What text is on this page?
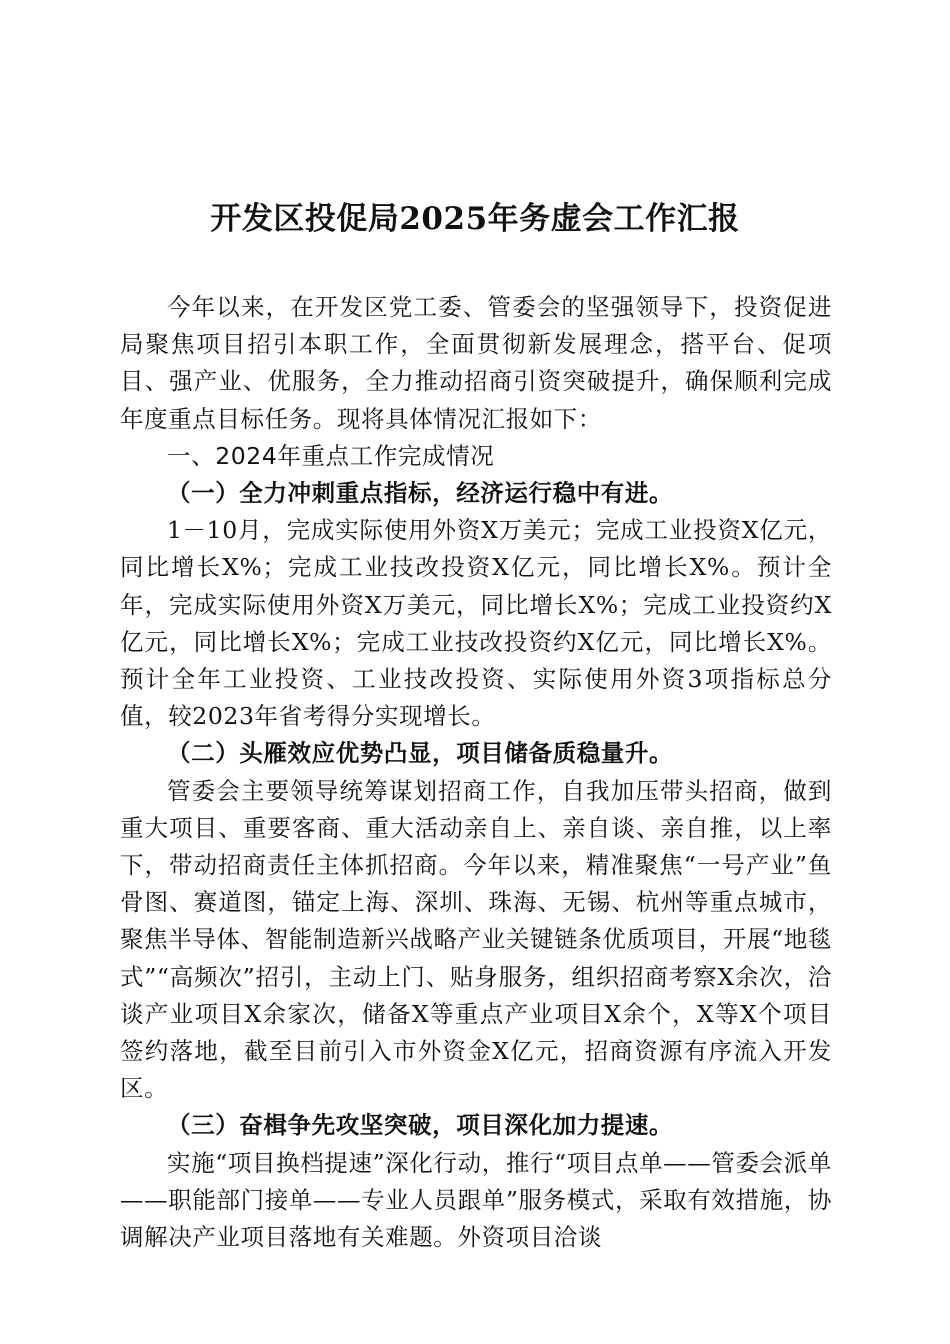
开发区投促局2025年务虚会工作汇报

今年以来，在开发区党工委、管委会的坚强领导下，投资促进局聚焦项目招引本职工作，全面贯彻新发展理念，搭平台、促项目、强产业、优服务，全力推动招商引资突破提升，确保顺利完成年度重点目标任务。现将具体情况汇报如下：

一、2024年重点工作完成情况

（一）全力冲刺重点指标，经济运行稳中有进。

1－10月，完成实际使用外资X万美元；完成工业投资X亿元，同比增长X%；完成工业技改投资X亿元，同比增长X%。预计全年，完成实际使用外资X万美元，同比增长X%；完成工业投资约X亿元，同比增长X%；完成工业技改投资约X亿元，同比增长X%。预计全年工业投资、工业技改投资、实际使用外资3项指标总分值，较2023年省考得分实现增长。

（二）头雁效应优势凸显，项目储备质稳量升。

管委会主要领导统筹谋划招商工作，自我加压带头招商，做到重大项目、重要客商、重大活动亲自上、亲自谈、亲自推，以上率下，带动招商责任主体抓招商。今年以来，精准聚焦“一号产业”鱼骨图、赛道图，锚定上海、深圳、珠海、无锡、杭州等重点城市，聚焦半导体、智能制造新兴战略产业关键链条优质项目，开展“地毯式”“高频次”招引，主动上门、贴身服务，组织招商考察X余次，洽谈产业项目X余家次，储备X等重点产业项目X余个，X等X个项目签约落地，截至目前引入市外资金X亿元，招商资源有序流入开发区。

（三）奋楫争先攻坚突破，项目深化加力提速。

实施“项目换档提速”深化行动，推行“项目点单——管委会派单——职能部门接单——专业人员跟单”服务模式，采取有效措施，协调解决产业项目落地有关难题。外资项目洽谈
